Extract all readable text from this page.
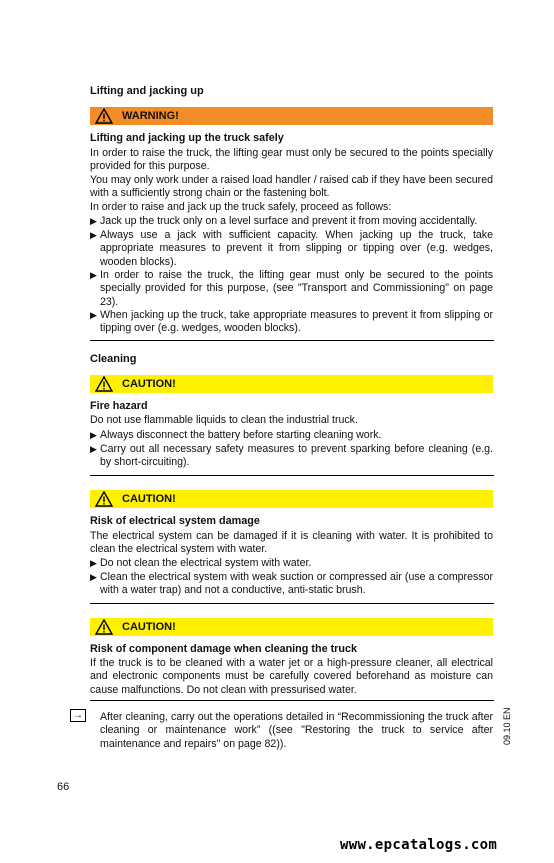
Lifting and jacking up
WARNING!
Lifting and jacking up the truck safely
In order to raise the truck, the lifting gear must only be secured to the points specially provided for this purpose.
You may only work under a raised load handler / raised cab if they have been secured with a sufficiently strong chain or the fastening bolt.
In order to raise and jack up the truck safely, proceed as follows:
▶ Jack up the truck only on a level surface and prevent it from moving accidentally.
▶ Always use a jack with sufficient capacity. When jacking up the truck, take appropriate measures to prevent it from slipping or tipping over (e.g. wedges, wooden blocks).
▶ In order to raise the truck, the lifting gear must only be secured to the points specially provided for this purpose, (see "Transport and Commissioning" on page 23).
▶ When jacking up the truck, take appropriate measures to prevent it from slipping or tipping over (e.g. wedges, wooden blocks).
Cleaning
CAUTION!
Fire hazard
Do not use flammable liquids to clean the industrial truck.
▶ Always disconnect the battery before starting cleaning work.
▶ Carry out all necessary safety measures to prevent sparking before cleaning (e.g. by short-circuiting).
CAUTION!
Risk of electrical system damage
The electrical system can be damaged if it is cleaning with water. It is prohibited to clean the electrical system with water.
▶ Do not clean the electrical system with water.
▶ Clean the electrical system with weak suction or compressed air (use a compressor with a water trap) and not a conductive, anti-static brush.
CAUTION!
Risk of component damage when cleaning the truck
If the truck is to be cleaned with a water jet or a high-pressure cleaner, all electrical and electronic components must be carefully covered beforehand as moisture can cause malfunctions. Do not clean with pressurised water.
→ After cleaning, carry out the operations detailed in “Recommissioning the truck after cleaning or maintenance work” ((see "Restoring the truck to service after maintenance and repairs" on page 82)).	09.10 EN
66
www.epcatalogs.com
